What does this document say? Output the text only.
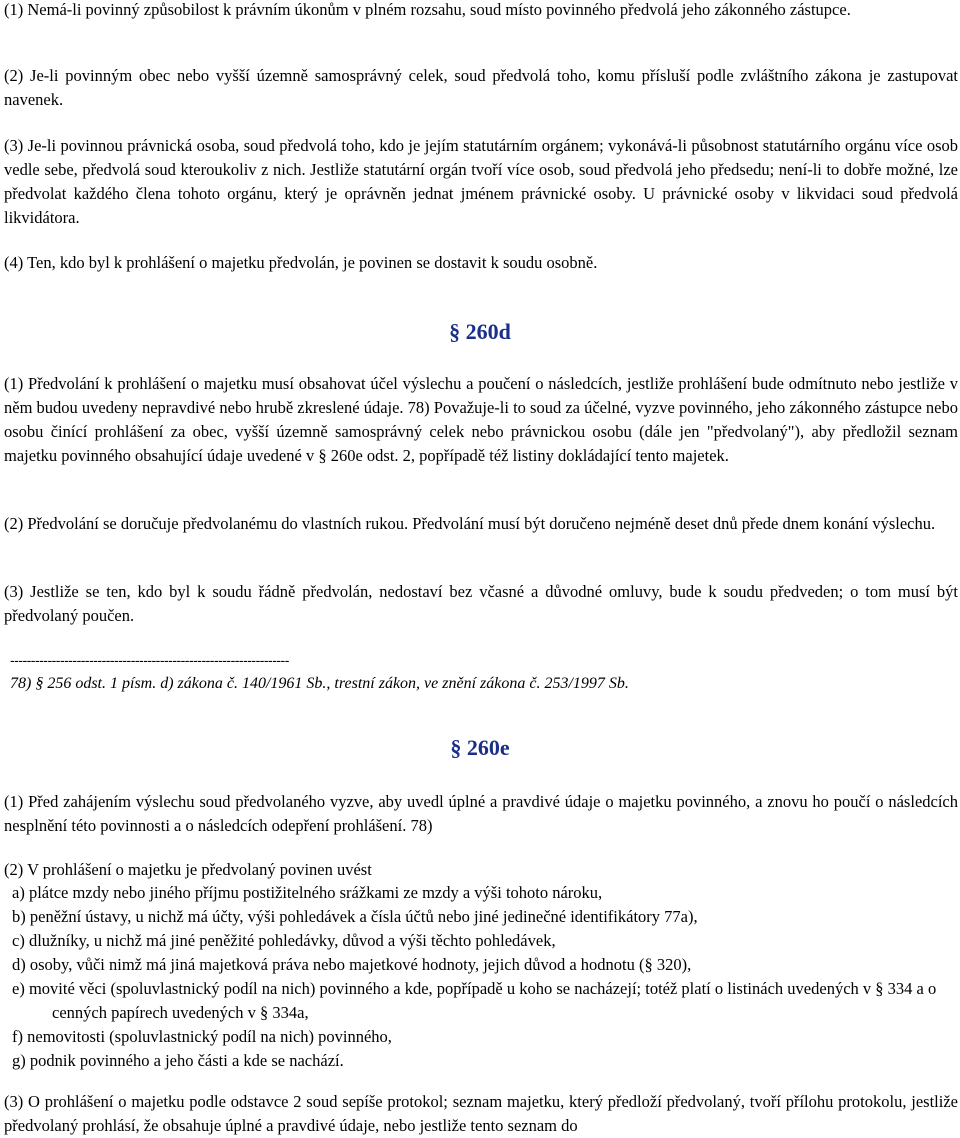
(1) Nemá-li povinný způsobilost k právním úkonům v plném rozsahu, soud místo povinného předvolá jeho zákonného zástupce.

(2) Je-li povinným obec nebo vyšší územně samosprávný celek, soud předvolá toho, komu přísluší podle zvláštního zákona je zastupovat navenek.

(3) Je-li povinnou právnická osoba, soud předvolá toho, kdo je jejím statutárním orgánem; vykonává-li působnost statutárního orgánu více osob vedle sebe, předvolá soud kteroukoliv z nich. Jestliže statutární orgán tvoří více osob, soud předvolá jeho předsedu; není-li to dobře možné, lze předvolat každého člena tohoto orgánu, který je oprávněn jednat jménem právnické osoby. U právnické osoby v likvidaci soud předvolá likvidátora.

(4) Ten, kdo byl k prohlášení o majetku předvolán, je povinen se dostavit k soudu osobně.

§ 260d

(1) Předvolání k prohlášení o majetku musí obsahovat účel výslechu a poučení o následcích, jestliže prohlášení bude odmítnuto nebo jestliže v něm budou uvedeny nepravdivé nebo hrubě zkreslené údaje. 78) Považuje-li to soud za účelné, vyzve povinného, jeho zákonného zástupce nebo osobu činící prohlášení za obec, vyšší územně samosprávný celek nebo právnickou osobu (dále jen "předvolaný"), aby předložil seznam majetku povinného obsahující údaje uvedené v § 260e odst. 2, popřípadě též listiny dokládající tento majetek.

(2) Předvolání se doručuje předvolanému do vlastních rukou. Předvolání musí být doručeno nejméně deset dnů přede dnem konání výslechu.

(3) Jestliže se ten, kdo byl k soudu řádně předvolán, nedostaví bez včasné a důvodné omluvy, bude k soudu předveden; o tom musí být předvolaný poučen.

-------------------------------------------------------------------
78) § 256 odst. 1 písm. d) zákona č. 140/1961 Sb., trestní zákon, ve znění zákona č. 253/1997 Sb.
§ 260e

(1) Před zahájením výslechu soud předvolaného vyzve, aby uvedl úplné a pravdivé údaje o majetku povinného, a znovu ho poučí o následcích nesplnění této povinnosti a o následcích odepření prohlášení. 78)

(2) V prohlášení o majetku je předvolaný povinen uvést

a) plátce mzdy nebo jiného příjmu postižitelného srážkami ze mzdy a výši tohoto nároku,
b) peněžní ústavy, u nichž má účty, výši pohledávek a čísla účtů nebo jiné jedinečné identifikátory 77a),
c) dlužníky, u nichž má jiné peněžité pohledávky, důvod a výši těchto pohledávek,
d) osoby, vůči nimž má jiná majetková práva nebo majetkové hodnoty, jejich důvod a hodnotu (§ 320),
e) movité věci (spoluvlastnický podíl na nich) povinného a kde, popřípadě u koho se nacházejí; totéž platí o listinách uvedených v § 334 a o cenných papírech uvedených v § 334a,
f) nemovitosti (spoluvlastnický podíl na nich) povinného,
g) podnik povinného a jeho části a kde se nachází.

(3) O prohlášení o majetku podle odstavce 2 soud sepíše protokol; seznam majetku, který předloží předvolaný, tvoří přílohu protokolu, jestliže předvolaný prohlásí, že obsahuje úplné a pravdivé údaje, nebo jestliže tento seznam do
